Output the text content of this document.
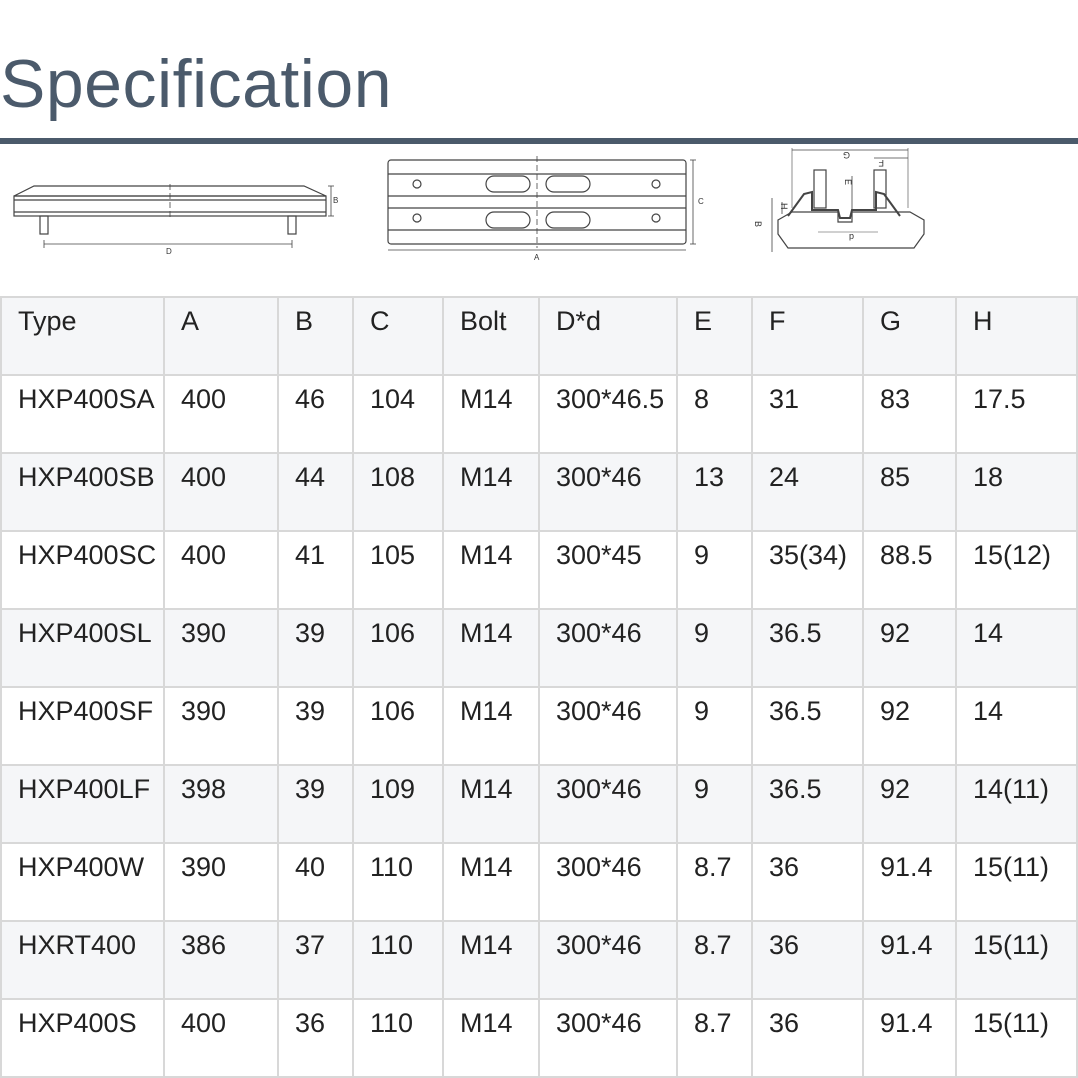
Specification
B
D
C
A
G
F
E
H
B
d
Type	A	B	C	Bolt	D*d	E	F	G	H
HXP400SA	400	46	104	M14	300*46.5	8	31	83	17.5
HXP400SB	400	44	108	M14	300*46	13	24	85	18
HXP400SC	400	41	105	M14	300*45	9	35(34)	88.5	15(12)
HXP400SL	390	39	106	M14	300*46	9	36.5	92	14
HXP400SF	390	39	106	M14	300*46	9	36.5	92	14
HXP400LF	398	39	109	M14	300*46	9	36.5	92	14(11)
HXP400W	390	40	110	M14	300*46	8.7	36	91.4	15(11)
HXRT400	386	37	110	M14	300*46	8.7	36	91.4	15(11)
HXP400S	400	36	110	M14	300*46	8.7	36	91.4	15(11)
